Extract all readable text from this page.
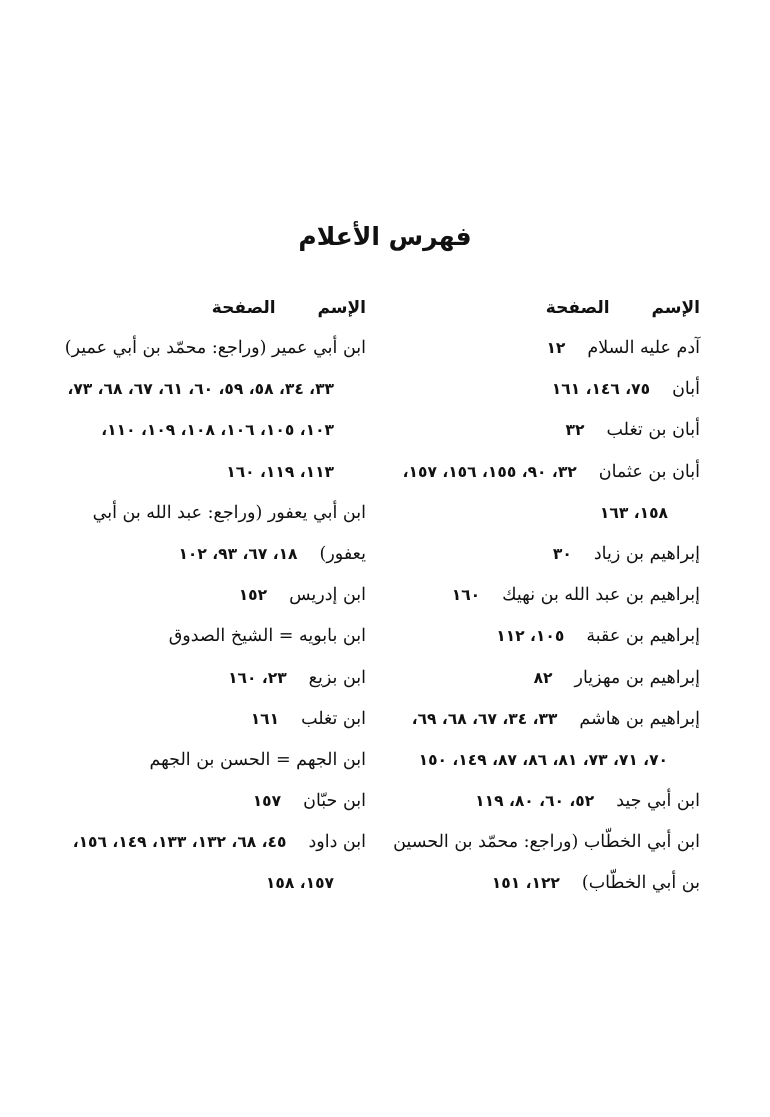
فهرس الأعلام
الإسم الصفحة
آدم عليه السلام١٢
أبان٧٥، ١٤٦، ١٦١
أبان بن تغلب٣٢
أبان بن عثمان٣٢، ٩٠، ١٥٥، ١٥٦، ١٥٧،
١٥٨، ١٦٣
إبراهيم بن زياد٣٠
إبراهيم بن عبد الله بن نهيك١٦٠
إبراهيم بن عقبة١٠٥، ١١٢
إبراهيم بن مهزيار٨٢
إبراهيم بن هاشم٣٣، ٣٤، ٦٧، ٦٨، ٦٩،
٧٠، ٧١، ٧٣، ٨١، ٨٦، ٨٧، ١٤٩، ١٥٠
ابن أبي جيد٥٢، ٦٠، ٨٠، ١١٩
ابن أبي الخطّاب (وراجع: محمّد بن الحسين
بن أبي الخطّاب)١٢٢، ١٥١
الإسم الصفحة
ابن أبي عمير (وراجع: محمّد بن أبي عمير)
٣٣، ٣٤، ٥٨، ٥٩، ٦٠، ٦١، ٦٧، ٦٨، ٧٣،
١٠٣، ١٠٥، ١٠٦، ١٠٨، ١٠٩، ١١٠،
١١٣، ١١٩، ١٦٠
ابن أبي يعفور (وراجع: عبد الله بن أبي
يعفور)١٨، ٦٧، ٩٣، ١٠٢
ابن إدريس١٥٢
ابن بابويه = الشيخ الصدوق
ابن بزيع٢٣، ١٦٠
ابن تغلب١٦١
ابن الجهم = الحسن بن الجهم
ابن حبّان١٥٧
ابن داود٤٥، ٦٨، ١٣٢، ١٣٣، ١٤٩، ١٥٦،
١٥٧، ١٥٨
